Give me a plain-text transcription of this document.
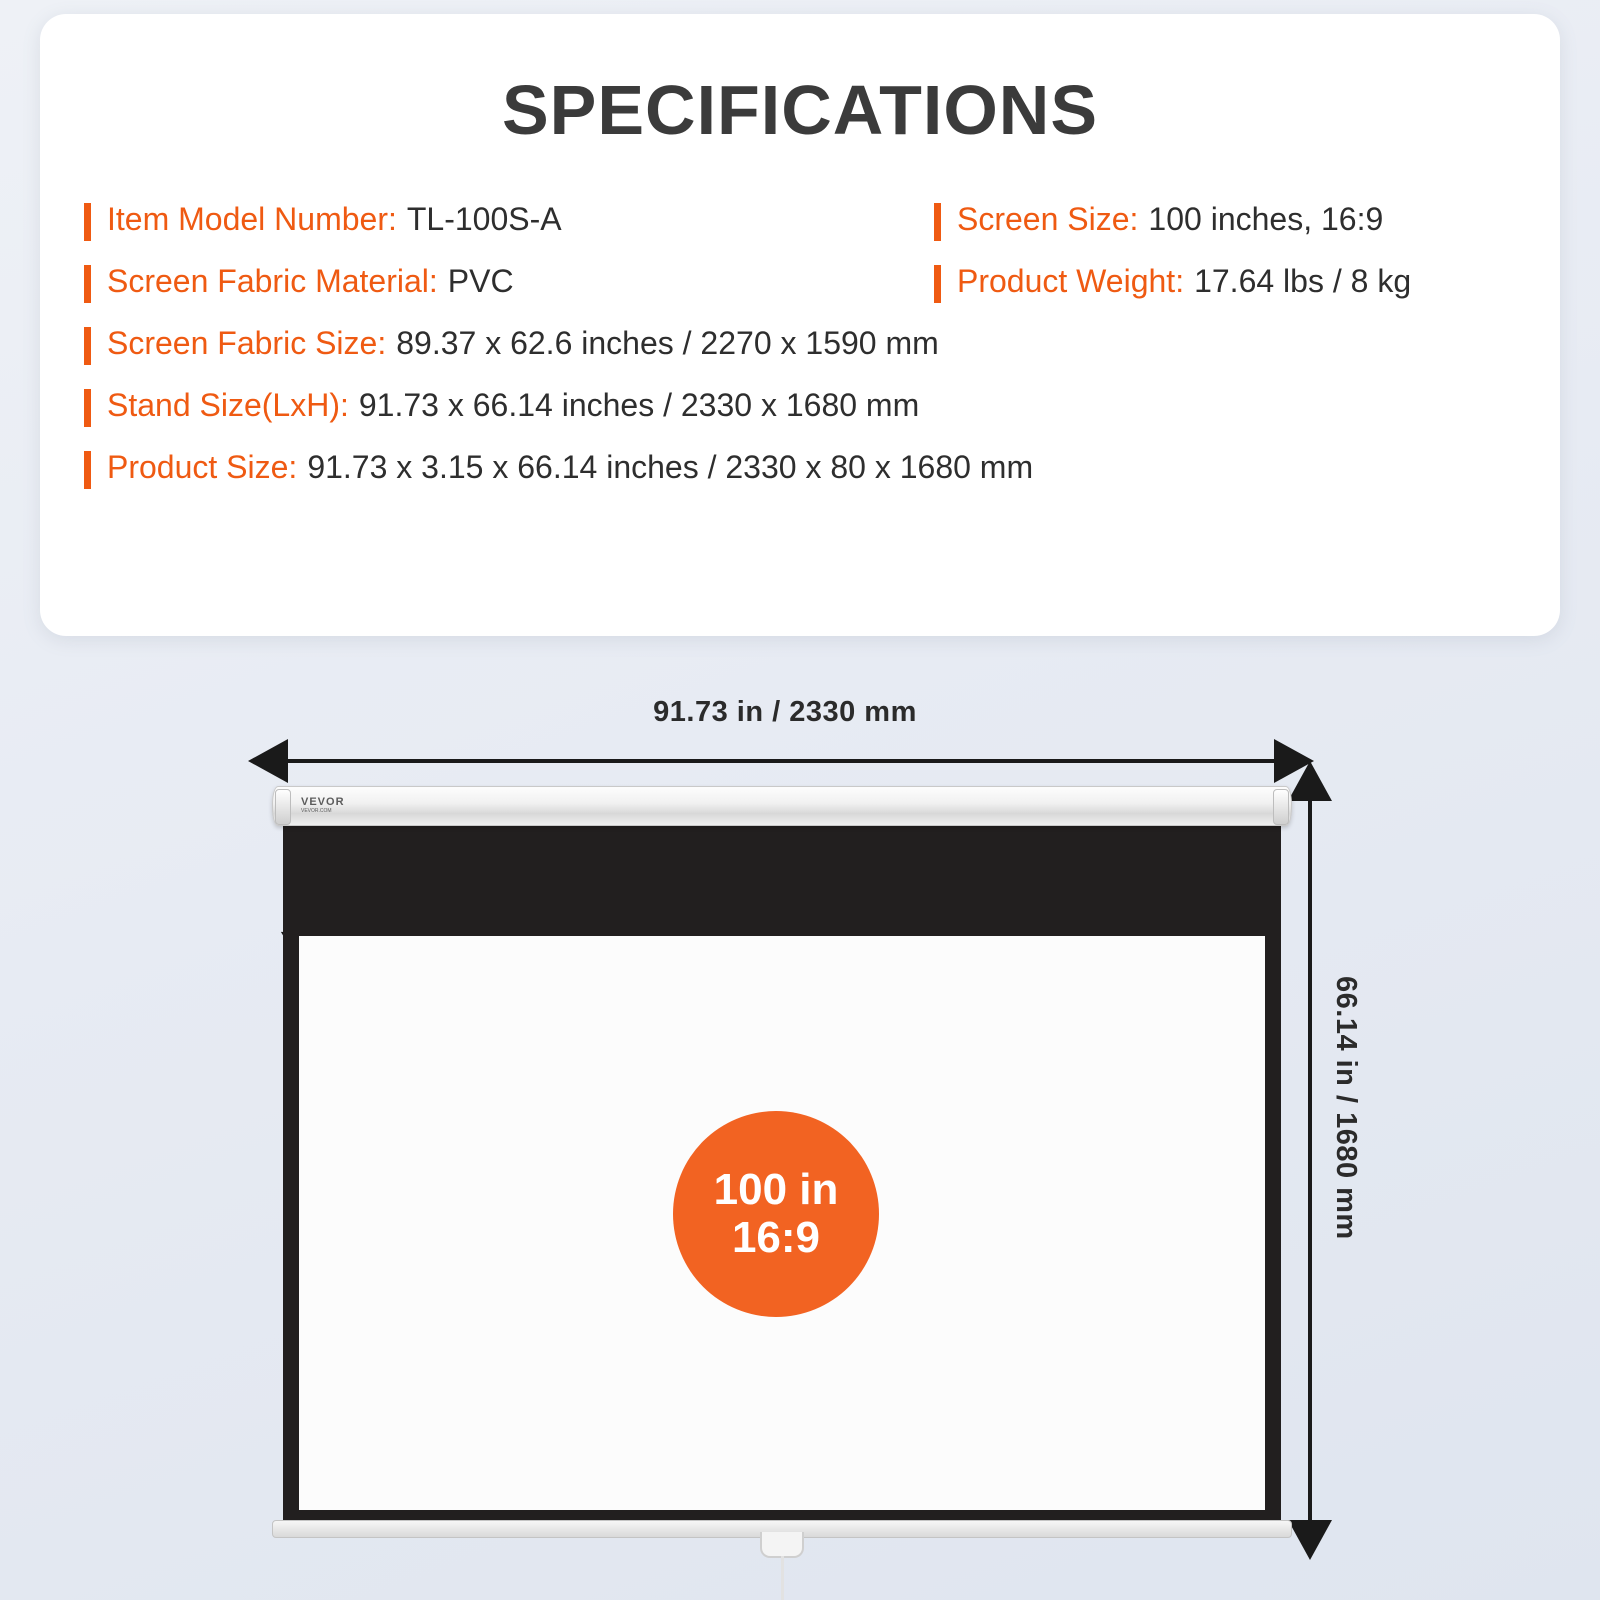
SPECIFICATIONS
Item Model Number: TL-100S-A	Screen Size: 100 inches, 16:9
Screen Fabric Material: PVC	Product Weight: 17.64 lbs / 8 kg
Screen Fabric Size: 89.37 x 62.6 inches / 2270 x 1590 mm
Stand Size(LxH): 91.73 x 66.14 inches / 2330 x 1680 mm
Product Size: 91.73 x 3.15 x 66.14 inches / 2330 x 80 x 1680 mm
91.73 in / 2330 mm
66.14 in / 1680 mm
VEVOR
VEVOR.COM
100 in
16:9
